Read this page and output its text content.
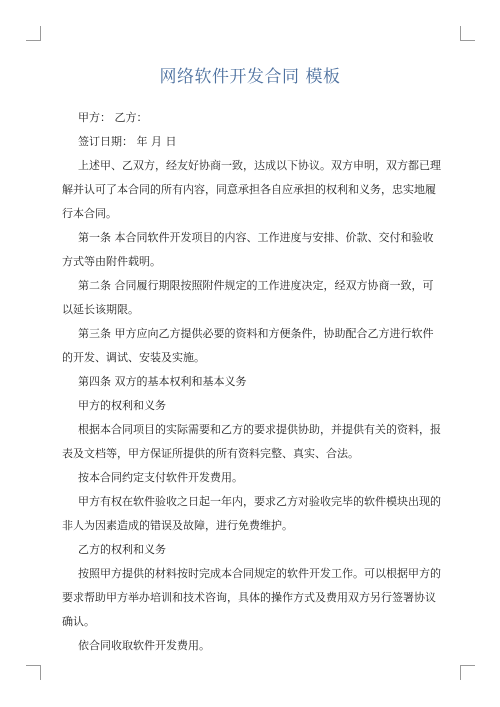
网络软件开发合同 模板

甲方： 乙方：

签订日期： 年 月 日

上述甲、乙双方，经友好协商一致，达成以下协议。双方申明，双方都已理解并认可了本合同的所有内容，同意承担各自应承担的权利和义务，忠实地履行本合同。

第一条 本合同软件开发项目的内容、工作进度与安排、价款、交付和验收方式等由附件载明。

第二条 合同履行期限按照附件规定的工作进度决定，经双方协商一致，可以延长该期限。

第三条 甲方应向乙方提供必要的资料和方便条件，协助配合乙方进行软件的开发、调试、安装及实施。

第四条 双方的基本权利和基本义务

甲方的权利和义务

根据本合同项目的实际需要和乙方的要求提供协助，并提供有关的资料，报表及文档等，甲方保证所提供的所有资料完整、真实、合法。

按本合同约定支付软件开发费用。

甲方有权在软件验收之日起一年内，要求乙方对验收完毕的软件模块出现的非人为因素造成的错误及故障，进行免费维护。

乙方的权利和义务

按照甲方提供的材料按时完成本合同规定的软件开发工作。可以根据甲方的要求帮助甲方举办培训和技术咨询，具体的操作方式及费用双方另行签署协议确认。

依合同收取软件开发费用。
